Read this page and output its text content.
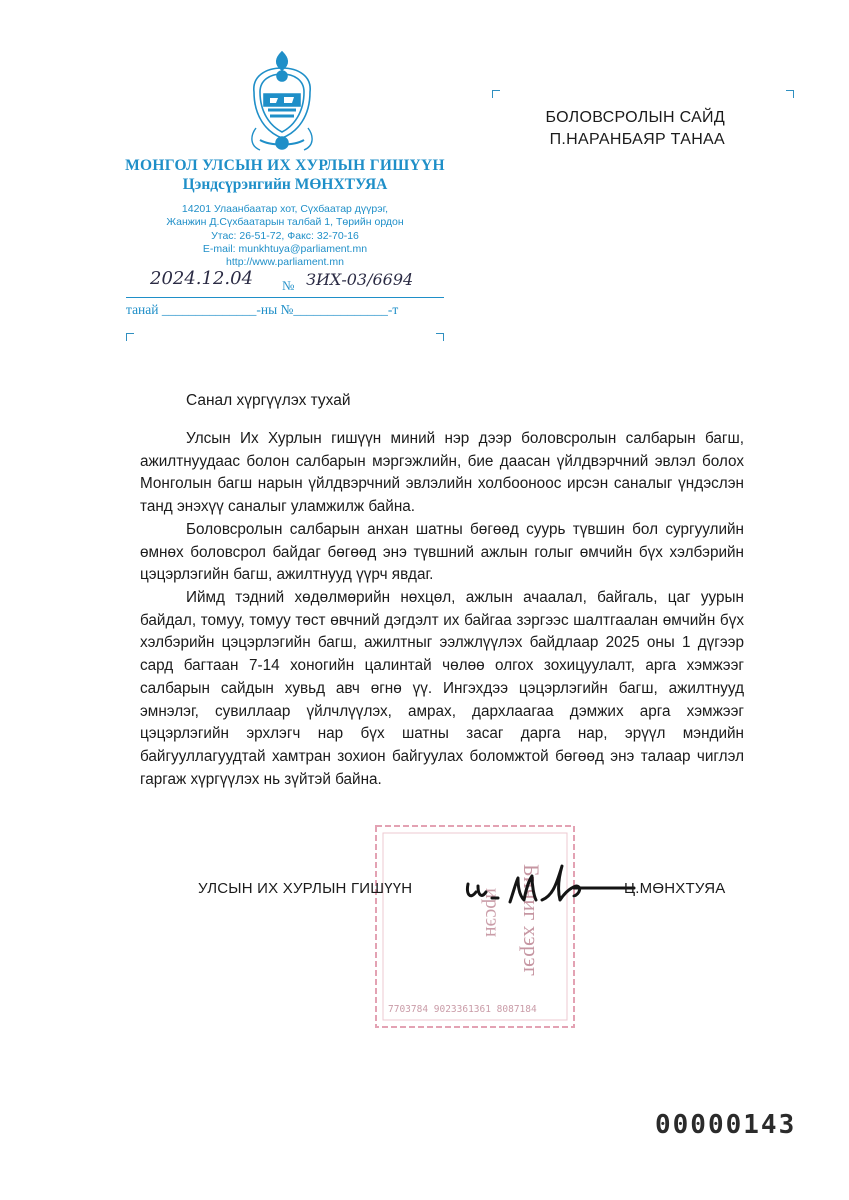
МОНГОЛ УЛСЫН ИХ ХУРЛЫН ГИШҮҮН
Цэндсүрэнгийн МӨНХТУЯА
14201 Улаанбаатар хот, Сүхбаатар дүүрэг,
Жанжин Д.Сүхбаатарын талбай 1, Төрийн ордон
Утас: 26-51-72, Факс: 32-70-16
E-mail: munkhtuya@parliament.mn
http://www.parliament.mn
2024.12.04 № ЗИХ-03/6694
танай ______________-ны №______________-т
БОЛОВСРОЛЫН САЙД
П.НАРАНБАЯР ТАНАА
Санал хүргүүлэх тухай

Улсын Их Хурлын гишүүн миний нэр дээр боловсролын салбарын багш, ажилтнуудаас болон салбарын мэргэжлийн, бие даасан үйлдвэрчний эвлэл болох Монголын багш нарын үйлдвэрчний эвлэлийн холбооноос ирсэн саналыг үндэслэн танд энэхүү саналыг уламжилж байна.

Боловсролын салбарын анхан шатны бөгөөд суурь түвшин бол сургуулийн өмнөх боловсрол байдаг бөгөөд энэ түвшний ажлын голыг өмчийн бүх хэлбэрийн цэцэрлэгийн багш, ажилтнууд үүрч явдаг.

Иймд тэдний хөдөлмөрийн нөхцөл, ажлын ачаалал, байгаль, цаг уурын байдал, томуу, томуу төст өвчний дэгдэлт их байгаа зэргээс шалтгаалан өмчийн бүх хэлбэрийн цэцэрлэгийн багш, ажилтныг ээлжлүүлэх байдлаар 2025 оны 1 дүгээр сард багтаан 7-14 хоногийн цалинтай чөлөө олгох зохицуулалт, арга хэмжээг салбарын сайдын хувьд авч өгнө үү. Ингэхдээ цэцэрлэгийн багш, ажилтнууд эмнэлэг, сувиллаар үйлчлүүлэх, амрах, дархлаагаа дэмжих арга хэмжээг цэцэрлэгийн эрхлэгч нар бүх шатны засаг дарга нар, эрүүл мэндийн байгууллагуудтай хамтран зохион байгуулах боломжтой бөгөөд энэ талаар чиглэл гаргаж хүргүүлэх нь зүйтэй байна.

Бичиг хэрэг
ирсэн
7703784 9023361361 8087184
УЛСЫН ИХ ХУРЛЫН ГИШҮҮН	Ц.МӨНХТУЯА
00000143
